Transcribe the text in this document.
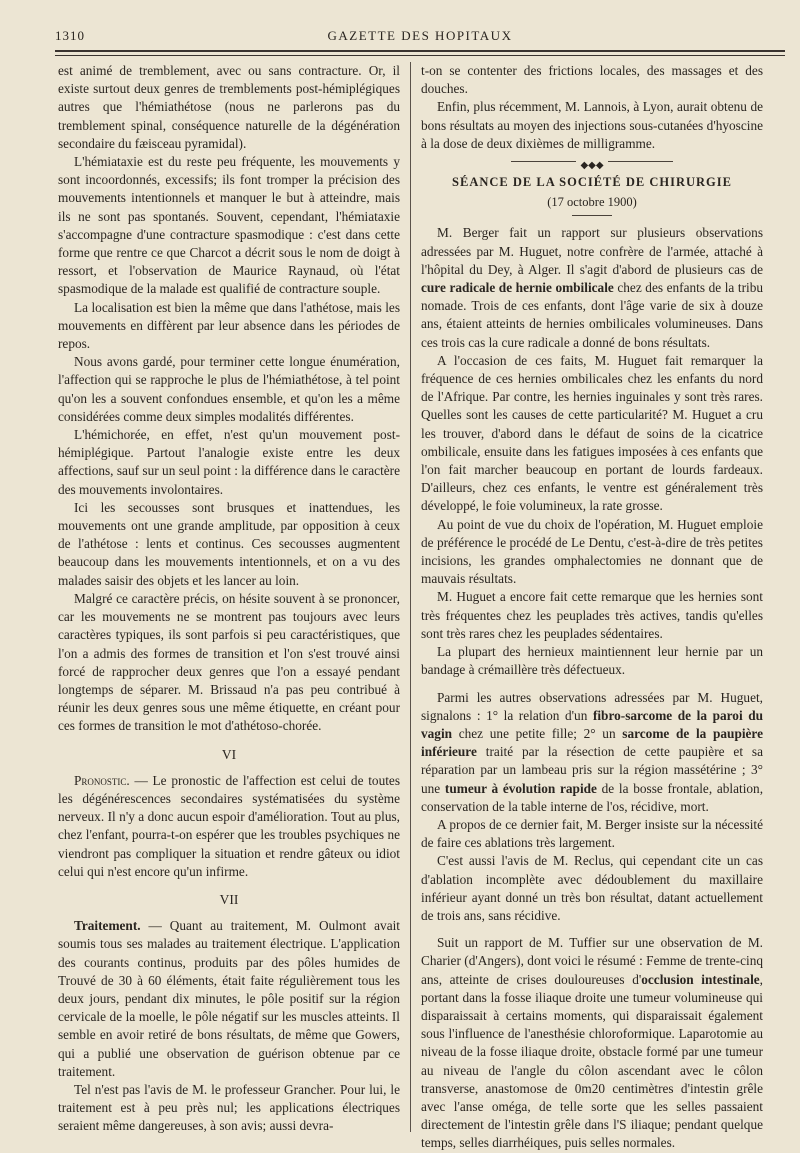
1310	GAZETTE DES HOPITAUX

est animé de tremblement, avec ou sans contracture. Or, il existe surtout deux genres de tremblements post-hémiplégiques autres que l'hémiathétose (nous ne parlerons pas du tremblement spinal, conséquence naturelle de la dégénération secondaire du fæisceau pyramidal).

L'hémiataxie est du reste peu fréquente, les mouvements y sont incoordonnés, excessifs; ils font tromper la précision des mouvements intentionnels et manquer le but à atteindre, mais ils ne sont pas spontanés. Souvent, cependant, l'hémiataxie s'accompagne d'une contracture spasmodique : c'est dans cette forme que rentre ce que Charcot a décrit sous le nom de doigt à ressort, et l'observation de Maurice Raynaud, où l'état spasmodique de la malade est qualifié de contracture souple.

La localisation est bien la même que dans l'athétose, mais les mouvements en diffèrent par leur absence dans les périodes de repos.

Nous avons gardé, pour terminer cette longue énumération, l'affection qui se rapproche le plus de l'hémiathétose, à tel point qu'on les a souvent confondues ensemble, et qu'on les a même considérées comme deux simples modalités différentes.

L'hémichorée, en effet, n'est qu'un mouvement post-hémiplégique. Partout l'analogie existe entre les deux affections, sauf sur un seul point : la différence dans le caractère des mouvements involontaires.

Ici les secousses sont brusques et inattendues, les mouvements ont une grande amplitude, par opposition à ceux de l'athétose : lents et continus. Ces secousses augmentent beaucoup dans les mouvements intentionnels, et on a vu des malades saisir des objets et les lancer au loin.

Malgré ce caractère précis, on hésite souvent à se prononcer, car les mouvements ne se montrent pas toujours avec leurs caractères typiques, ils sont parfois si peu caractéristiques, que l'on a admis des formes de transition et l'on s'est trouvé ainsi forcé de rapprocher deux genres que l'on a essayé pendant longtemps de séparer. M. Brissaud n'a pas peu contribué à réunir les deux genres sous une même étiquette, en créant pour ces formes de transition le mot d'athétoso-chorée.

VI

Pronostic. — Le pronostic de l'affection est celui de toutes les dégénérescences secondaires systématisées du système nerveux. Il n'y a donc aucun espoir d'amélioration. Tout au plus, chez l'enfant, pourra-t-on espérer que les troubles psychiques ne viendront pas compliquer la situation et rendre gâteux ou idiot celui qui n'est encore qu'un infirme.

VII

Traitement. — Quant au traitement, M. Oulmont avait soumis tous ses malades au traitement électrique. L'application des courants continus, produits par des pôles humides de Trouvé de 30 à 60 éléments, était faite régulièrement tous les deux jours, pendant dix minutes, le pôle positif sur la région cervicale de la moelle, le pôle négatif sur les muscles atteints. Il semble en avoir retiré de bons résultats, de même que Gowers, qui a publié une observation de guérison obtenue par ce traitement.

Tel n'est pas l'avis de M. le professeur Grancher. Pour lui, le traitement est à peu près nul; les applications électriques seraient même dangereuses, à son avis; aussi devra-

t-on se contenter des frictions locales, des massages et des douches.

Enfin, plus récemment, M. Lannois, à Lyon, aurait obtenu de bons résultats au moyen des injections sous-cutanées d'hyoscine à la dose de deux dixièmes de milligramme.

◆◆◆
SÉANCE DE LA SOCIÉTÉ DE CHIRURGIE
(17 octobre 1900)

M. Berger fait un rapport sur plusieurs observations adressées par M. Huguet, notre confrère de l'armée, attaché à l'hôpital du Dey, à Alger. Il s'agit d'abord de plusieurs cas de cure radicale de hernie ombilicale chez des enfants de la tribu nomade. Trois de ces enfants, dont l'âge varie de six à douze ans, étaient atteints de hernies ombilicales volumineuses. Dans ces trois cas la cure radicale a donné de bons résultats.

A l'occasion de ces faits, M. Huguet fait remarquer la fréquence de ces hernies ombilicales chez les enfants du nord de l'Afrique. Par contre, les hernies inguinales y sont très rares. Quelles sont les causes de cette particularité? M. Huguet a cru les trouver, d'abord dans le défaut de soins de la cicatrice ombilicale, ensuite dans les fatigues imposées à ces enfants que l'on fait marcher beaucoup en portant de lourds fardeaux. D'ailleurs, chez ces enfants, le ventre est généralement très développé, le foie volumineux, la rate grosse.

Au point de vue du choix de l'opération, M. Huguet emploie de préférence le procédé de Le Dentu, c'est-à-dire de très petites incisions, les grandes omphalectomies ne donnant que de mauvais résultats.

M. Huguet a encore fait cette remarque que les hernies sont très fréquentes chez les peuplades très actives, tandis qu'elles sont très rares chez les peuplades sédentaires.

La plupart des hernieux maintiennent leur hernie par un bandage à crémaillère très défectueux.

Parmi les autres observations adressées par M. Huguet, signalons : 1° la relation d'un fibro-sarcome de la paroi du vagin chez une petite fille; 2° un sarcome de la paupière inférieure traité par la résection de cette paupière et sa réparation par un lambeau pris sur la région massétérine ; 3° une tumeur à évolution rapide de la bosse frontale, ablation, conservation de la table interne de l'os, récidive, mort.

A propos de ce dernier fait, M. Berger insiste sur la nécessité de faire ces ablations très largement.

C'est aussi l'avis de M. Reclus, qui cependant cite un cas d'ablation incomplète avec dédoublement du maxillaire inférieur ayant donné un très bon résultat, datant actuellement de trois ans, sans récidive.

Suit un rapport de M. Tuffier sur une observation de M. Charier (d'Angers), dont voici le résumé : Femme de trente-cinq ans, atteinte de crises douloureuses d'occlusion intestinale, portant dans la fosse iliaque droite une tumeur volumineuse qui disparaissait à certains moments, qui disparaissait également sous l'influence de l'anesthésie chloroformique. Laparotomie au niveau de la fosse iliaque droite, obstacle formé par une tumeur au niveau de l'angle du côlon ascendant avec le côlon transverse, anastomose de 0m20 centimètres d'intestin grêle avec l'anse oméga, de telle sorte que les selles passaient directement de l'intestin grêle dans l'S iliaque; pendant quelque temps, selles diarrhéiques, puis selles normales.
